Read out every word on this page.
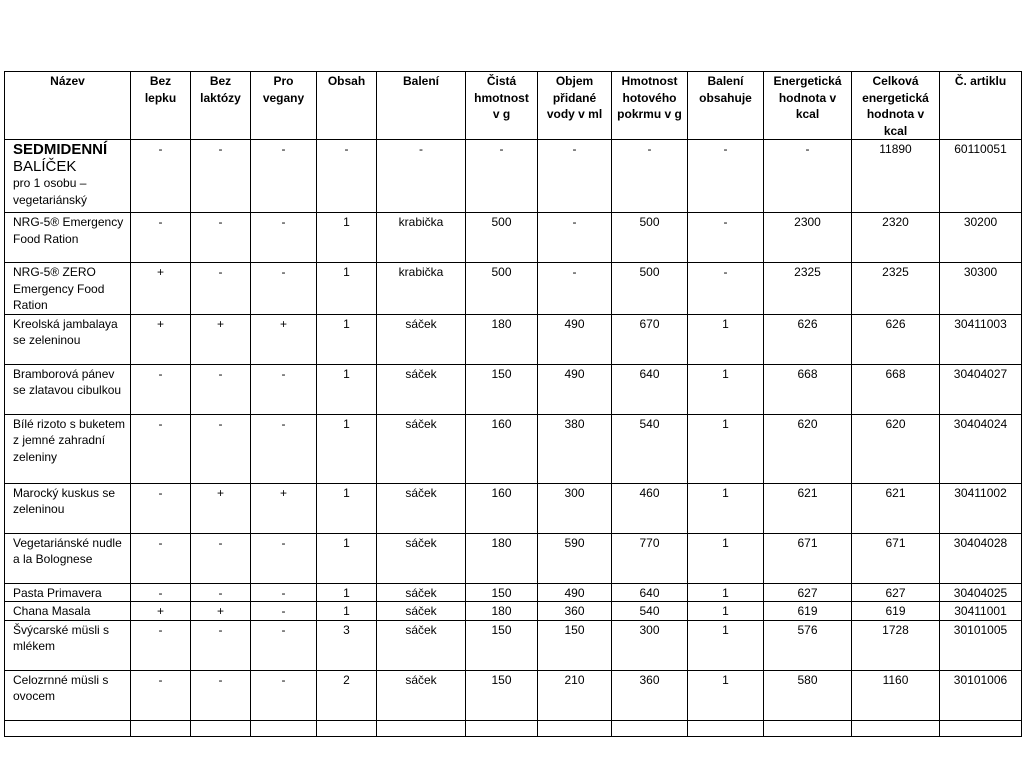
Název	Bez lepku	Bez laktózy	Pro vegany	Obsah	Balení	Čistá hmotnost v g	Objem přidané vody v ml	Hmotnost hotového pokrmu v g	Balení obsahuje	Energetická hodnota v kcal	Celková energetická hodnota v kcal	Č. artiklu

SEDMIDENNÍ
BALÍČEK
pro 1 osobu – vegetariánský	-	-	-	-	-	-	-	-	-	-	11890	60110051
NRG-5® Emergency Food Ration	-	-	-	1	krabička	500	-	500	-	2300	2320	30200
NRG-5® ZERO Emergency Food Ration	+	-	-	1	krabička	500	-	500	-	2325	2325	30300
Kreolská jambalaya se zeleninou	+	+	+	1	sáček	180	490	670	1	626	626	30411003
Bramborová pánev se zlatavou cibulkou	-	-	-	1	sáček	150	490	640	1	668	668	30404027
Bílé rizoto s buketem z jemné zahradní zeleniny	-	-	-	1	sáček	160	380	540	1	620	620	30404024
Marocký kuskus se zeleninou	-	+	+	1	sáček	160	300	460	1	621	621	30411002
Vegetariánské nudle a la Bolognese	-	-	-	1	sáček	180	590	770	1	671	671	30404028
Pasta Primavera	-	-	-	1	sáček	150	490	640	1	627	627	30404025
Chana Masala	+	+	-	1	sáček	180	360	540	1	619	619	30411001
Švýcarské müsli s mlékem	-	-	-	3	sáček	150	150	300	1	576	1728	30101005
Celozrnné müsli s ovocem	-	-	-	2	sáček	150	210	360	1	580	1160	30101006
